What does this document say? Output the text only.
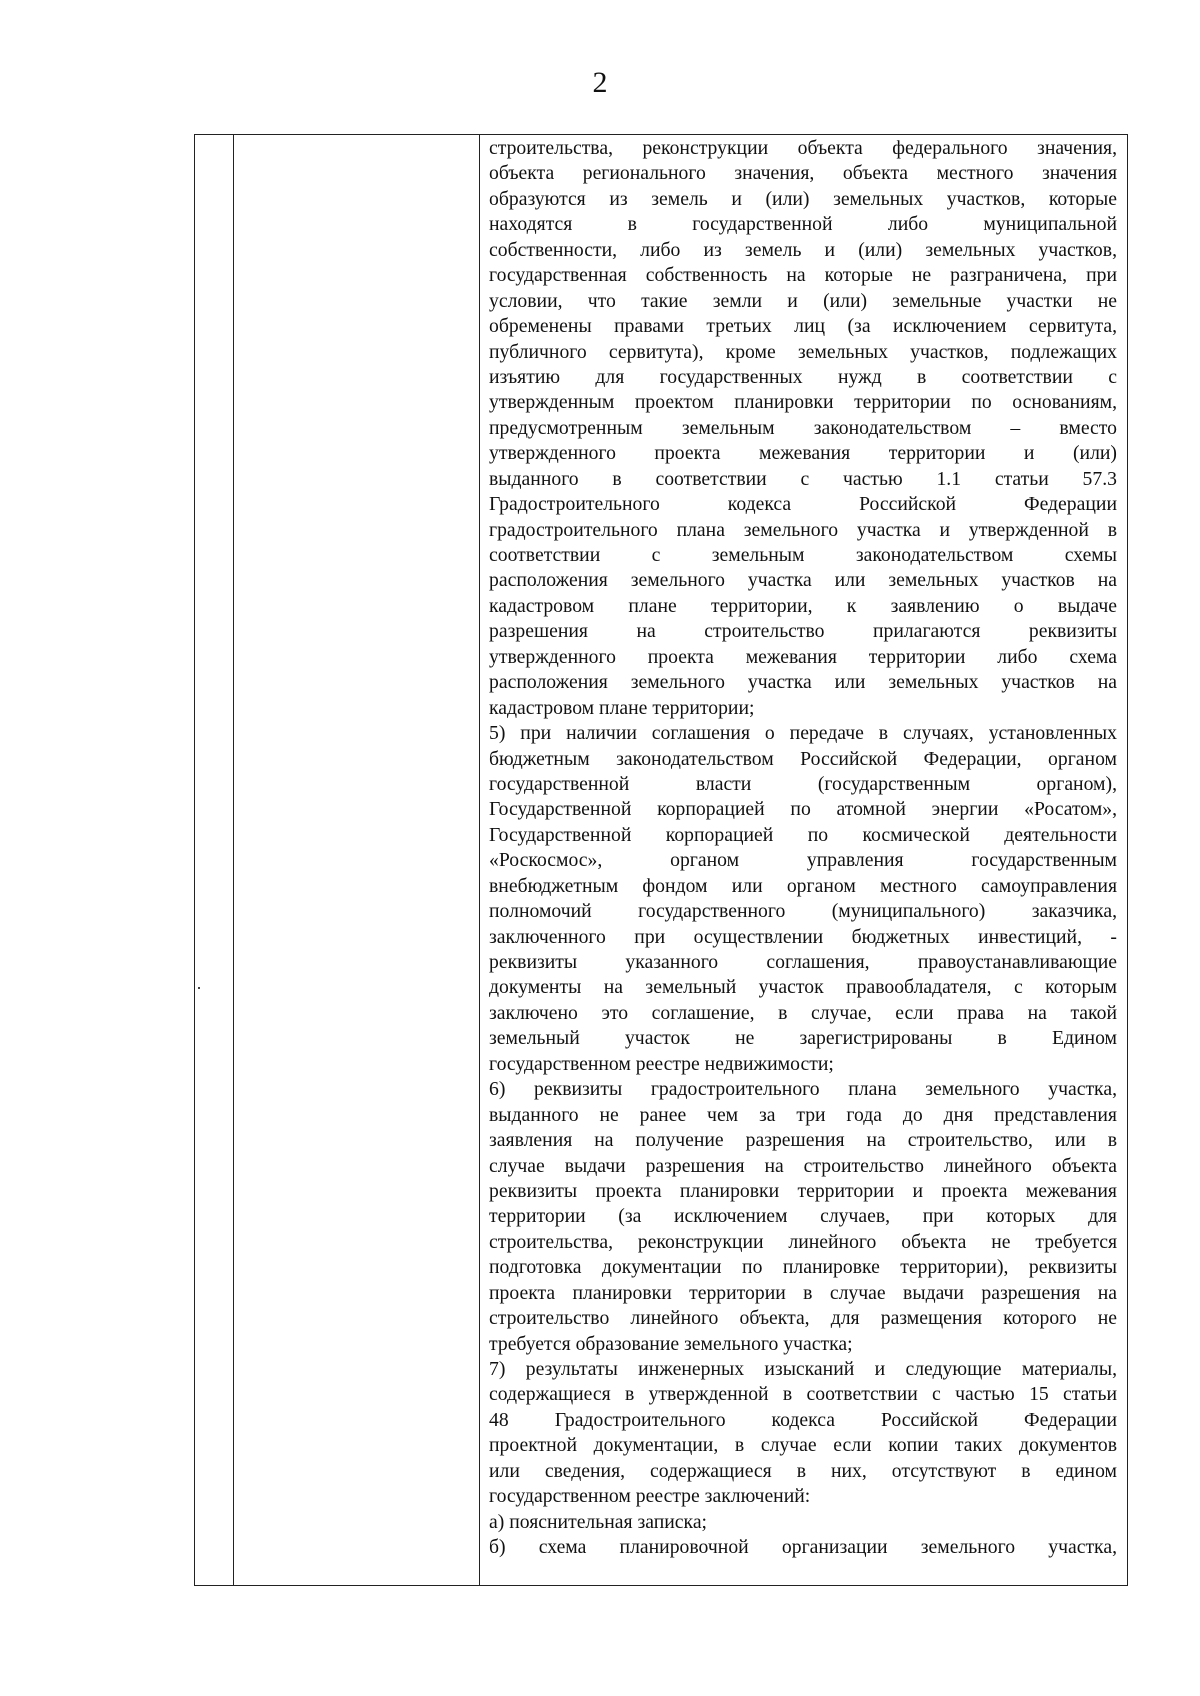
2
строительства, реконструкции объекта федерального значения,
объекта регионального значения, объекта местного значения
образуются из земель и (или) земельных участков, которые
находятся в государственной либо муниципальной
собственности, либо из земель и (или) земельных участков,
государственная собственность на которые не разграничена, при
условии, что такие земли и (или) земельные участки не
обременены правами третьих лиц (за исключением сервитута,
публичного сервитута), кроме земельных участков, подлежащих
изъятию для государственных нужд в соответствии с
утвержденным проектом планировки территории по основаниям,
предусмотренным земельным законодательством – вместо
утвержденного проекта межевания территории и (или)
выданного в соответствии с частью 1.1 статьи 57.3
Градостроительного кодекса Российской Федерации
градостроительного плана земельного участка и утвержденной в
соответствии с земельным законодательством схемы
расположения земельного участка или земельных участков на
кадастровом плане территории, к заявлению о выдаче
разрешения на строительство прилагаются реквизиты
утвержденного проекта межевания территории либо схема
расположения земельного участка или земельных участков на
кадастровом плане территории;
5) при наличии соглашения о передаче в случаях, установленных
бюджетным законодательством Российской Федерации, органом
государственной власти (государственным органом),
Государственной корпорацией по атомной энергии «Росатом»,
Государственной корпорацией по космической деятельности
«Роскосмос», органом управления государственным
внебюджетным фондом или органом местного самоуправления
полномочий государственного (муниципального) заказчика,
заключенного при осуществлении бюджетных инвестиций, -
реквизиты указанного соглашения, правоустанавливающие
документы на земельный участок правообладателя, с которым
заключено это соглашение, в случае, если права на такой
земельный участок не зарегистрированы в Едином
государственном реестре недвижимости;
6) реквизиты градостроительного плана земельного участка,
выданного не ранее чем за три года до дня представления
заявления на получение разрешения на строительство, или в
случае выдачи разрешения на строительство линейного объекта
реквизиты проекта планировки территории и проекта межевания
территории (за исключением случаев, при которых для
строительства, реконструкции линейного объекта не требуется
подготовка документации по планировке территории), реквизиты
проекта планировки территории в случае выдачи разрешения на
строительство линейного объекта, для размещения которого не
требуется образование земельного участка;
7) результаты инженерных изысканий и следующие материалы,
содержащиеся в утвержденной в соответствии с частью 15 статьи
48 Градостроительного кодекса Российской Федерации
проектной документации, в случае если копии таких документов
или сведения, содержащиеся в них, отсутствуют в едином
государственном реестре заключений:
а) пояснительная записка;
б) схема планировочной организации земельного участка,
